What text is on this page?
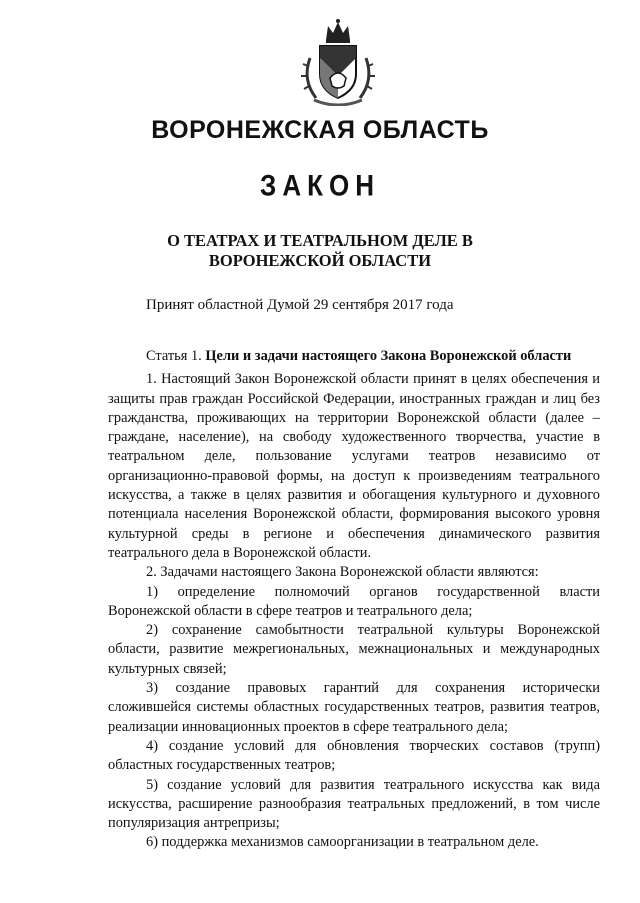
ВОРОНЕЖСКАЯ ОБЛАСТЬ
ЗАКОН
О ТЕАТРАХ И ТЕАТРАЛЬНОМ ДЕЛЕ В
ВОРОНЕЖСКОЙ ОБЛАСТИ
Принят областной Думой 29 сентября 2017 года

Статья 1. Цели и задачи настоящего Закона Воронежской области

1. Настоящий Закон Воронежской области принят в целях обеспечения и защиты прав граждан Российской Федерации, иностранных граждан и лиц без гражданства, проживающих на территории Воронежской области (далее – граждане, население), на свободу художественного творчества, участие в театральном деле, пользование услугами театров независимо от организационно-правовой формы, на доступ к произведениям театрального искусства, а также в целях развития и обогащения культурного и духовного потенциала населения Воронежской области, формирования высокого уровня культурной среды в регионе и обеспечения динамического развития театрального дела в Воронежской области.

2. Задачами настоящего Закона Воронежской области являются:

1) определение полномочий органов государственной власти Воронежской области в сфере театров и театрального дела;

2) сохранение самобытности театральной культуры Воронежской области, развитие межрегиональных, межнациональных и международных культурных связей;

3) создание правовых гарантий для сохранения исторически сложившейся системы областных государственных театров, развития театров, реализации инновационных проектов в сфере театрального дела;

4) создание условий для обновления творческих составов (трупп) областных государственных театров;

5) создание условий для развития театрального искусства как вида искусства, расширение разнообразия театральных предложений, в том числе популяризация антрепризы;

6) поддержка механизмов самоорганизации в театральном деле.
